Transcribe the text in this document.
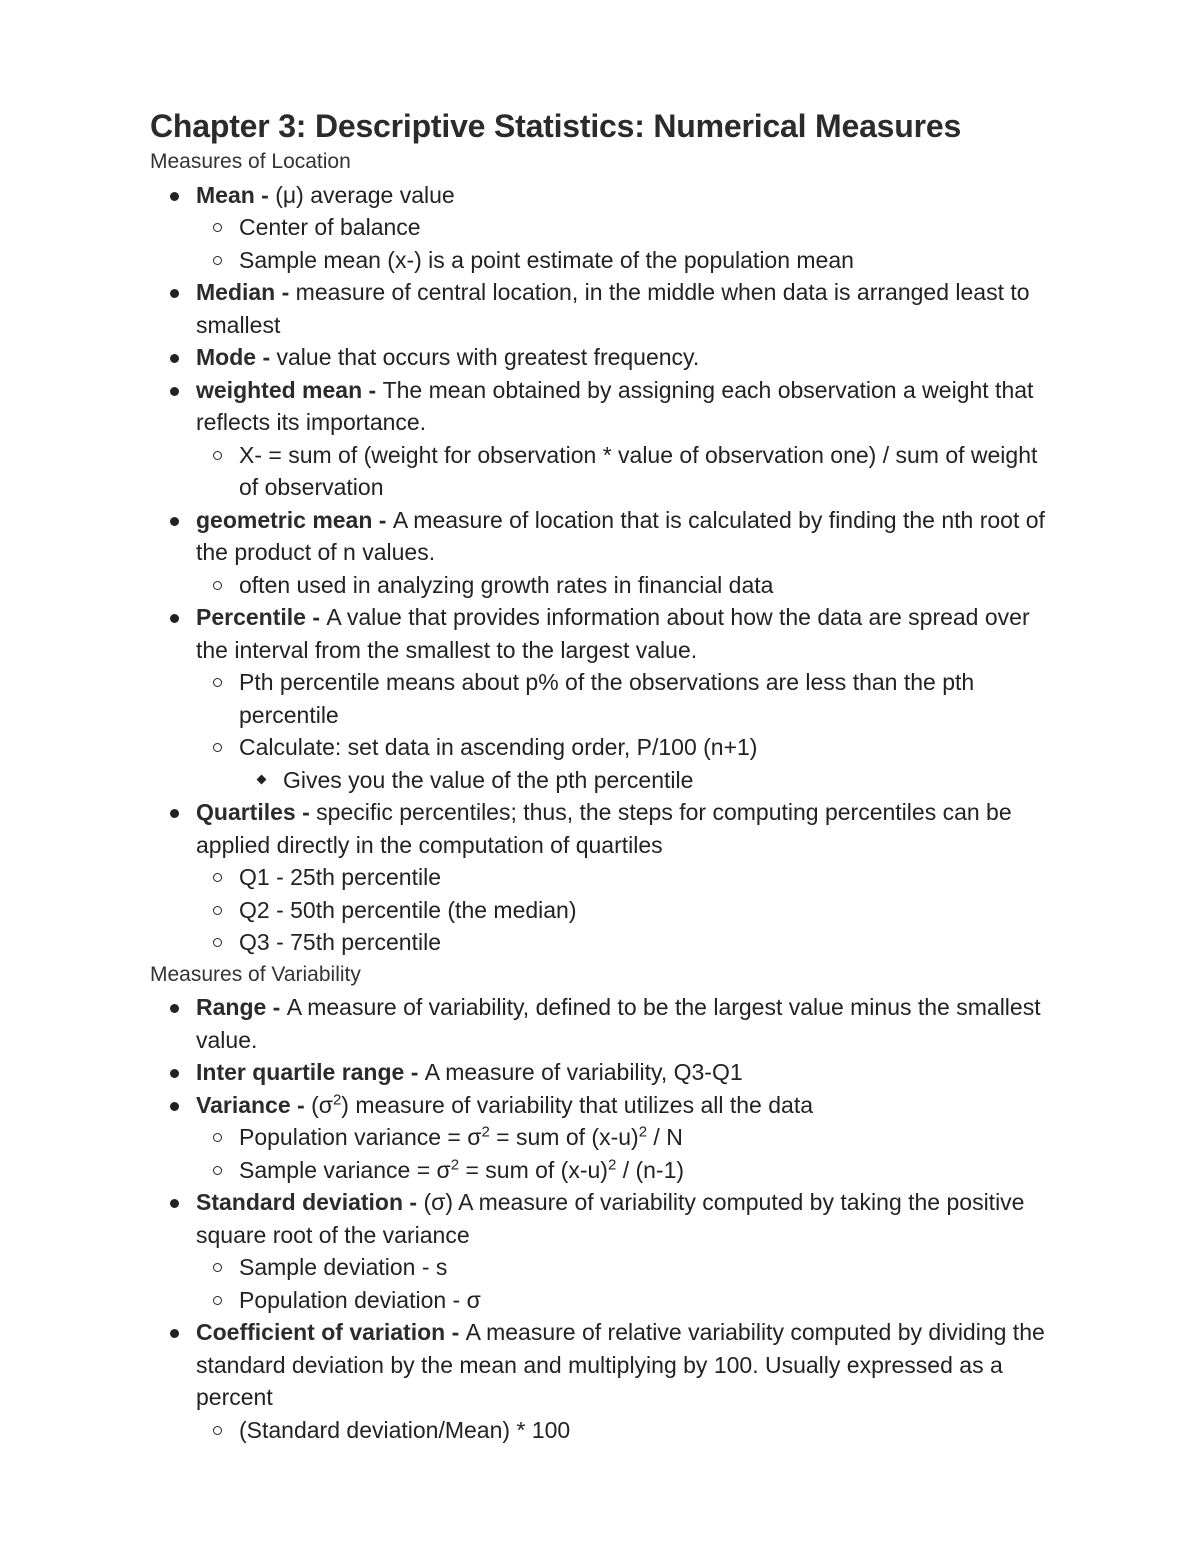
Chapter 3: Descriptive Statistics: Numerical Measures
Measures of Location
Mean - (μ) average value
Center of balance
Sample mean (x-) is a point estimate of the population mean
Median - measure of central location, in the middle when data is arranged least to smallest
Mode - value that occurs with greatest frequency.
weighted mean - The mean obtained by assigning each observation a weight that reflects its importance.
X- = sum of (weight for observation * value of observation one) / sum of weight of observation
geometric mean - A measure of location that is calculated by finding the nth root of the product of n values.
often used in analyzing growth rates in financial data
Percentile - A value that provides information about how the data are spread over the interval from the smallest to the largest value.
Pth percentile means about p% of the observations are less than the pth percentile
Calculate: set data in ascending order, P/100 (n+1)
Gives you the value of the pth percentile
Quartiles - specific percentiles; thus, the steps for computing percentiles can be applied directly in the computation of quartiles
Q1 - 25th percentile
Q2 - 50th percentile (the median)
Q3 - 75th percentile
Measures of Variability
Range - A measure of variability, defined to be the largest value minus the smallest value.
Inter quartile range - A measure of variability, Q3-Q1
Variance - $(\sigma^2)$ measure of variability that utilizes all the data
Population variance = $\sigma^2$ = sum of $(x-u)^2$ / N
Sample variance = $\sigma^2$ = sum of $(x-u)^2 / (n-1)$
Standard deviation - (σ) A measure of variability computed by taking the positive square root of the variance
Sample deviation - s
Population deviation - σ
Coefficient of variation - A measure of relative variability computed by dividing the standard deviation by the mean and multiplying by 100. Usually expressed as a percent
(Standard deviation/Mean) * 100
